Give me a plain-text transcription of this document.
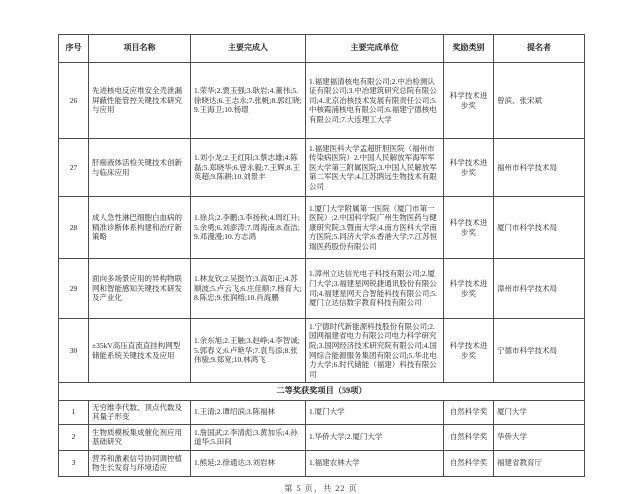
序号	项目名称	主要完成人	主要完成单位	奖励类别	提名者
26	先进核电反应堆安全壳泄漏屏蔽性能管控关键技术研究与应用	1.荣华;2.贾玉强;3.耿岩;4.董伟;5.徐晓达;6.王志永;7.张帆;8.郭红晓;9.王海卫;10.杨璟	1.福建福清核电有限公司;2.中冶检测认证有限公司;3.中冶建筑研究总院有限公司;4.北京冶核技术发展有限责任公司;5.中核霞浦核电有限公司;6.福建宁德核电有限公司;7.大连理工大学	科学技术进步奖	曾滨、张宋斌
27	肝癌液体活检关键技术创新与临床应用	1.刘小龙;2.王红阳;3.蔡志雄;4.陈磊;5.郑晓华;6.曾永毅;7.王辉;8.王英超;9.陈耕;10.刘景丰	1.福建医科大学孟超肝胆医院（福州市传染病医院）2.中国人民解放军海军军医大学第三附属医院;3.中国人民解放军第二军医大学;4.江苏鹍远生物技术有限公司	科学技术进步奖	福州市科学技术局
28	成人急性淋巴细胞白血病的精准诊断体系构建和治疗新策略	1.徐兵;2.李鹏;3.李扬秋;4.周红升;5.余勇;6.刘澎涛;7.周海南;8.查洁;9.邓漫漫;10.方志鸿	1.厦门大学附属第一医院（厦门市第一医院）;2.中国科学院广州生物医药与健康研究院;3.暨南大学;4.南方医科大学南方医院;5.同济大学;6.香港大学;7.江苏恒瑞医药股份有限公司	科学技术进步奖	厦门市科学技术局
29	面向多场景应用的异构物联网和智能感知关键技术研发及产业化	1.林友钦;2.吴挺竹;3.高如正;4.苏顺波;5.卢云飞;6.庄佳顺;7.杨育大;8.陈忠;9.张润榕;10.肖海鹏	1.漳州立达信光电子科技有限公司;2.厦门大学;3.福建星网锐捷通讯股份有限公司;4.福建星网天合智能科技有限公司;5.厦门立达信数字教育科技有限公司	科学技术进步奖	漳州市科学技术局
30	±35kV高压直流直挂构网型储能系统关键技术及应用	1.余东旭;2.王触;3.赵峥;4.李智诚;5.郭春义;6.卢艳华;7.袁鸟添;8.张伟骏;9.郑宽;10.林鸿飞	1.宁德时代新能源科技股份有限公司;2.国网福建省电力有限公司电力科学研究院;3.国网经济技术研究院有限公司;4.国网综合能源服务集团有限公司;5.华北电力大学;6.时代储能（福建）科技有限公司	科学技术进步奖	宁德市科学技术局
二等奖获奖项目（59项）					
1	无穷维李代数、顶点代数及其量子形变	1.王清;2.谭绍滨;3.陈福林	1.厦门大学	自然科学奖	厦门大学
2	生物质模板集成催化剂应用基础研究	1.詹国武;2.李清彪;3.黄加乐;4.孙道华;5.田间	1.华侨大学;2.厦门大学	自然科学奖	华侨大学
3	营养和激素信号协同调控植物生长发育与环境适应	1.熊延;2.徐通达;3.刘岩林	1.福建农林大学	自然科学奖	福建省教育厅
第 5 页，共 22 页
